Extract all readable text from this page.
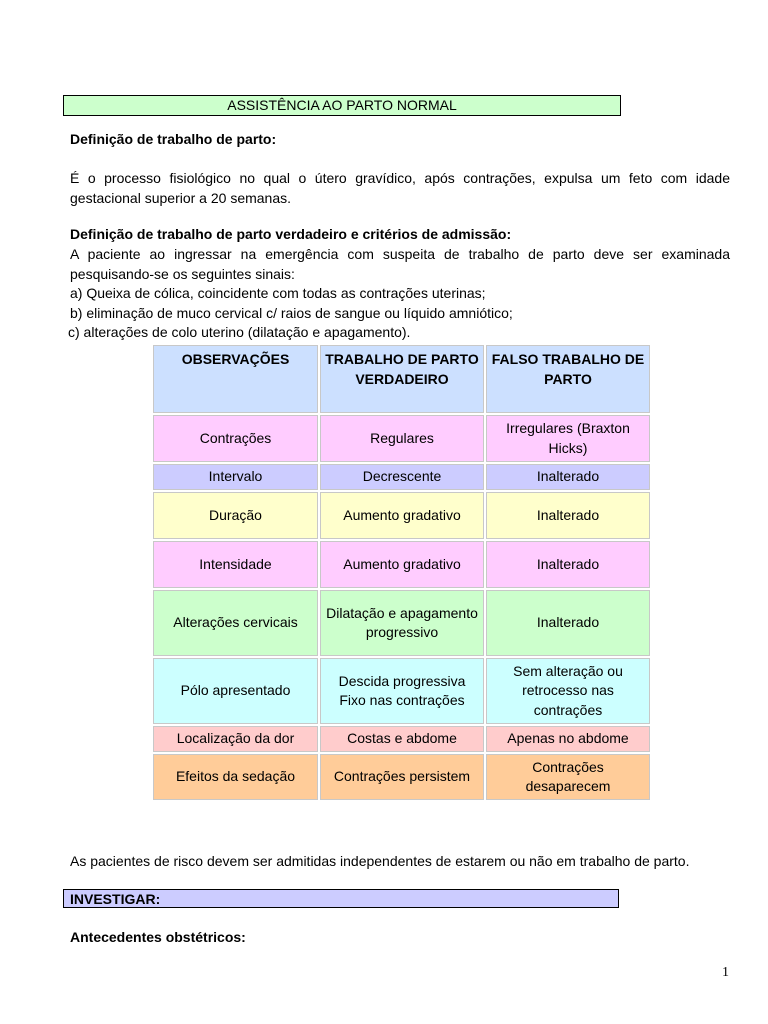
ASSISTÊNCIA AO PARTO NORMAL
Definição de trabalho de parto:
É o processo fisiológico no qual o útero gravídico, após contrações, expulsa um feto com idade gestacional superior a 20 semanas.
Definição de trabalho de parto verdadeiro e critérios de admissão:
A paciente ao ingressar na emergência com suspeita de trabalho de parto deve ser examinada pesquisando-se os seguintes sinais:
a) Queixa de cólica, coincidente com todas as contrações uterinas;
b) eliminação de muco cervical c/ raios de sangue ou líquido amniótico;
c) alterações de colo uterino (dilatação e apagamento).
OBSERVAÇÕES	TRABALHO DE PARTO VERDADEIRO	FALSO TRABALHO DE PARTO
Contrações	Regulares	Irregulares (Braxton Hicks)
Intervalo	Decrescente	Inalterado
Duração	Aumento gradativo	Inalterado
Intensidade	Aumento gradativo	Inalterado
Alterações cervicais	Dilatação e apagamento progressivo	Inalterado
Pólo apresentado	Descida progressiva Fixo nas contrações	Sem alteração ou retrocesso nas contrações
Localização da dor	Costas e abdome	Apenas no abdome
Efeitos da sedação	Contrações persistem	Contrações desaparecem
As pacientes de risco devem ser admitidas independentes de estarem ou não em trabalho de parto.
INVESTIGAR:
Antecedentes obstétricos:
1
